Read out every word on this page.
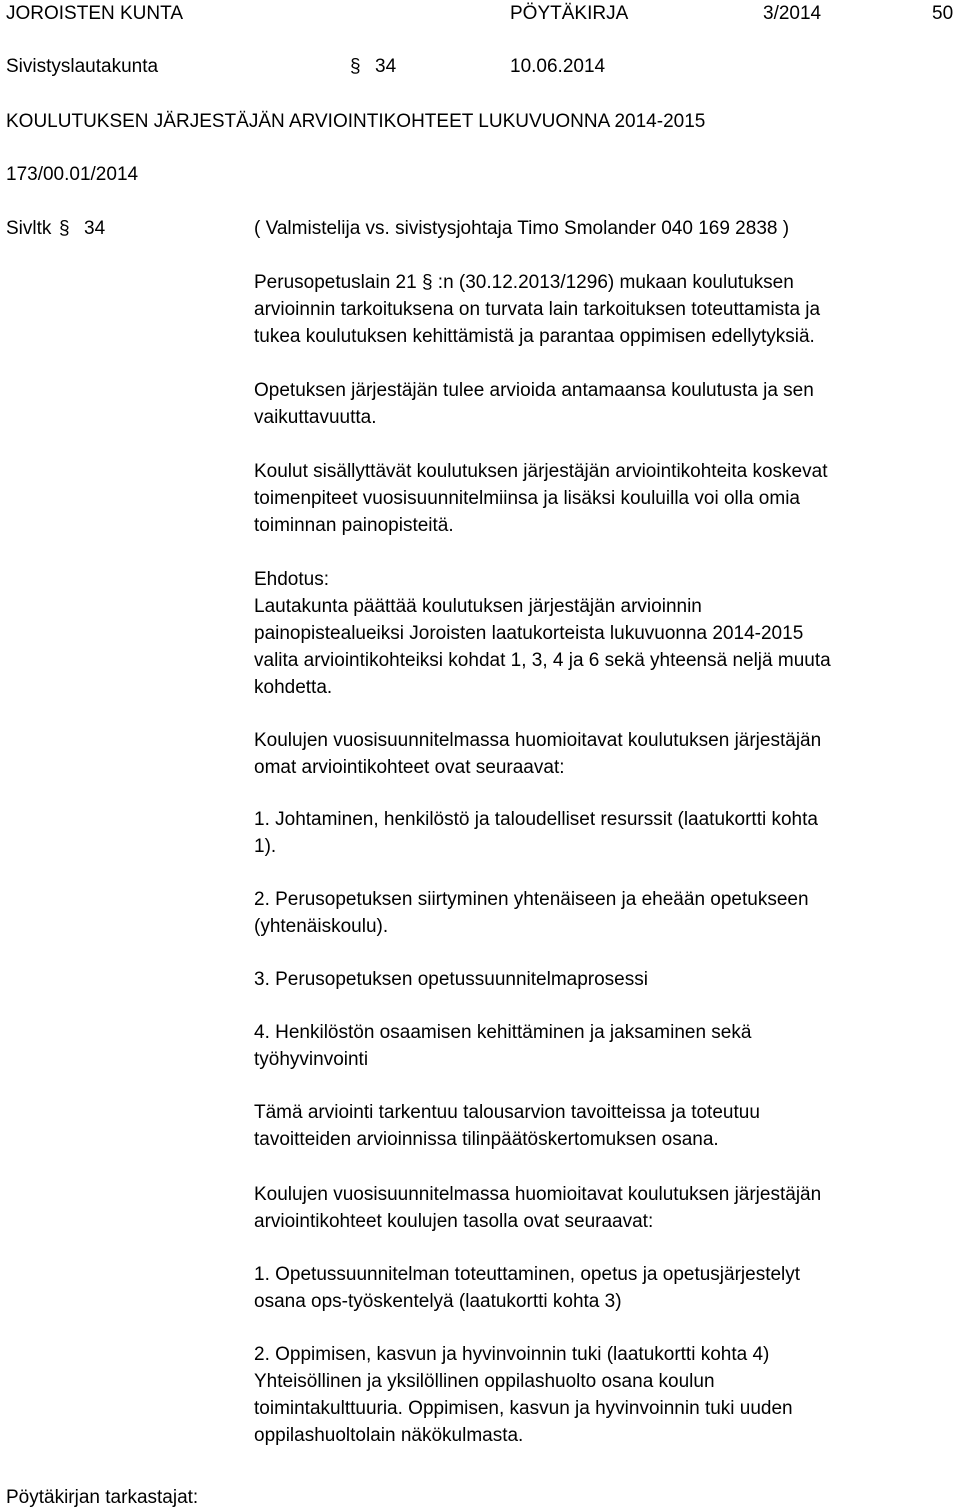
JOROISTEN KUNTA	PÖYTÄKIRJA	3/2014	50
Sivistyslautakunta	§ 34	10.06.2014
KOULUTUKSEN JÄRJESTÄJÄN ARVIOINTIKOHTEET LUKUVUONNA 2014-2015
173/00.01/2014
Sivltk § 34	( Valmistelija vs. sivistysjohtaja Timo Smolander 040 169 2838 )
Perusopetuslain 21 § :n (30.12.2013/1296) mukaan koulutuksen
arvioinnin tarkoituksena on turvata lain tarkoituksen toteuttamista ja
tukea koulutuksen kehittämistä ja parantaa oppimisen edellytyksiä.
Opetuksen järjestäjän tulee arvioida antamaansa koulutusta ja sen
vaikuttavuutta.
Koulut sisällyttävät koulutuksen järjestäjän arviointikohteita koskevat
toimenpiteet vuosisuunnitelmiinsa ja lisäksi kouluilla voi olla omia
toiminnan painopisteitä.
Ehdotus:
Lautakunta päättää koulutuksen järjestäjän arvioinnin
painopistealueiksi Joroisten laatukorteista lukuvuonna 2014-2015
valita arviointikohteiksi kohdat 1, 3, 4 ja 6 sekä yhteensä neljä muuta
kohdetta.
Koulujen vuosisuunnitelmassa huomioitavat koulutuksen järjestäjän
omat arviointikohteet ovat seuraavat:
1. Johtaminen, henkilöstö ja taloudelliset resurssit (laatukortti kohta
1).
2. Perusopetuksen siirtyminen yhtenäiseen ja eheään opetukseen
(yhtenäiskoulu).
3. Perusopetuksen opetussuunnitelmaprosessi
4. Henkilöstön osaamisen kehittäminen ja jaksaminen sekä
työhyvinvointi
Tämä arviointi tarkentuu talousarvion tavoitteissa ja toteutuu
tavoitteiden arvioinnissa tilinpäätöskertomuksen osana.
Koulujen vuosisuunnitelmassa huomioitavat koulutuksen järjestäjän
arviointikohteet koulujen tasolla ovat seuraavat:
1. Opetussuunnitelman toteuttaminen, opetus ja opetusjärjestelyt
osana ops-työskentelyä (laatukortti kohta 3)
2. Oppimisen, kasvun ja hyvinvoinnin tuki (laatukortti kohta 4)
Yhteisöllinen ja yksilöllinen oppilashuolto osana koulun
toimintakulttuuria. Oppimisen, kasvun ja hyvinvoinnin tuki uuden
oppilashuoltolain näkökulmasta.
Pöytäkirjan tarkastajat:
